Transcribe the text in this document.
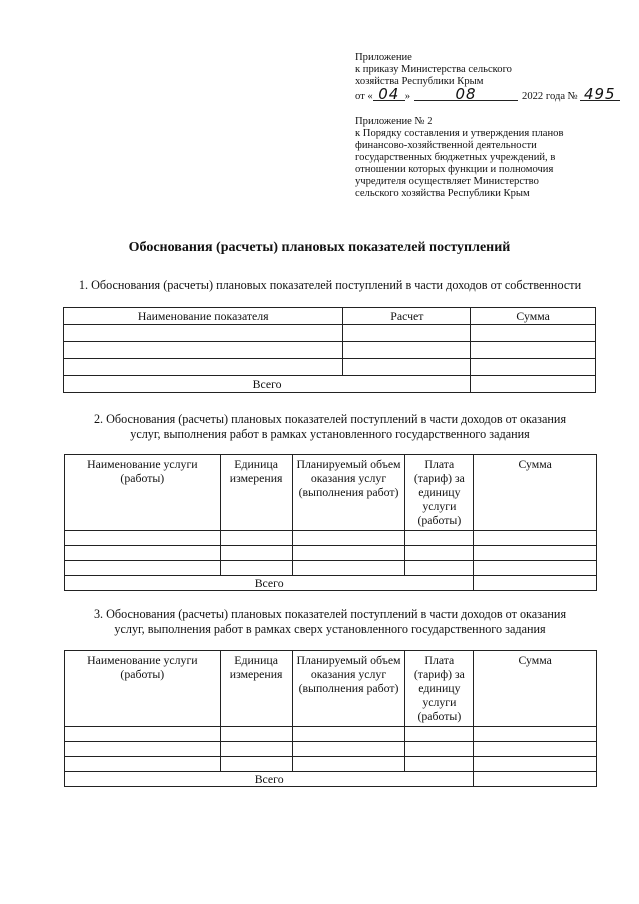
Приложение
к приказу Министерства сельского
хозяйства Республики Крым
от « 04 »	08	2022 года № 495
Приложение № 2
к Порядку составления и утверждения планов
финансово-хозяйственной деятельности
государственных бюджетных учреждений, в
отношении которых функции и полномочия
учредителя осуществляет Министерство
сельского хозяйства Республики Крым
Обоснования (расчеты) плановых показателей поступлений
1. Обоснования (расчеты) плановых показателей поступлений в части доходов от собственности
Наименование показателя	Расчет	Сумма

Всего		
2. Обоснования (расчеты) плановых показателей поступлений в части доходов от оказания
услуг, выполнения работ в рамках установленного государственного задания
Наименование услуги (работы)	Единица измерения	Планируемый объем оказания услуг (выполнения работ)	Плата (тариф) за единицу услуги (работы)	Сумма

Всего				
3. Обоснования (расчеты) плановых показателей поступлений в части доходов от оказания
услуг, выполнения работ в рамках сверх установленного государственного задания
Наименование услуги (работы)	Единица измерения	Планируемый объем оказания услуг (выполнения работ)	Плата (тариф) за единицу услуги (работы)	Сумма

Всего				
